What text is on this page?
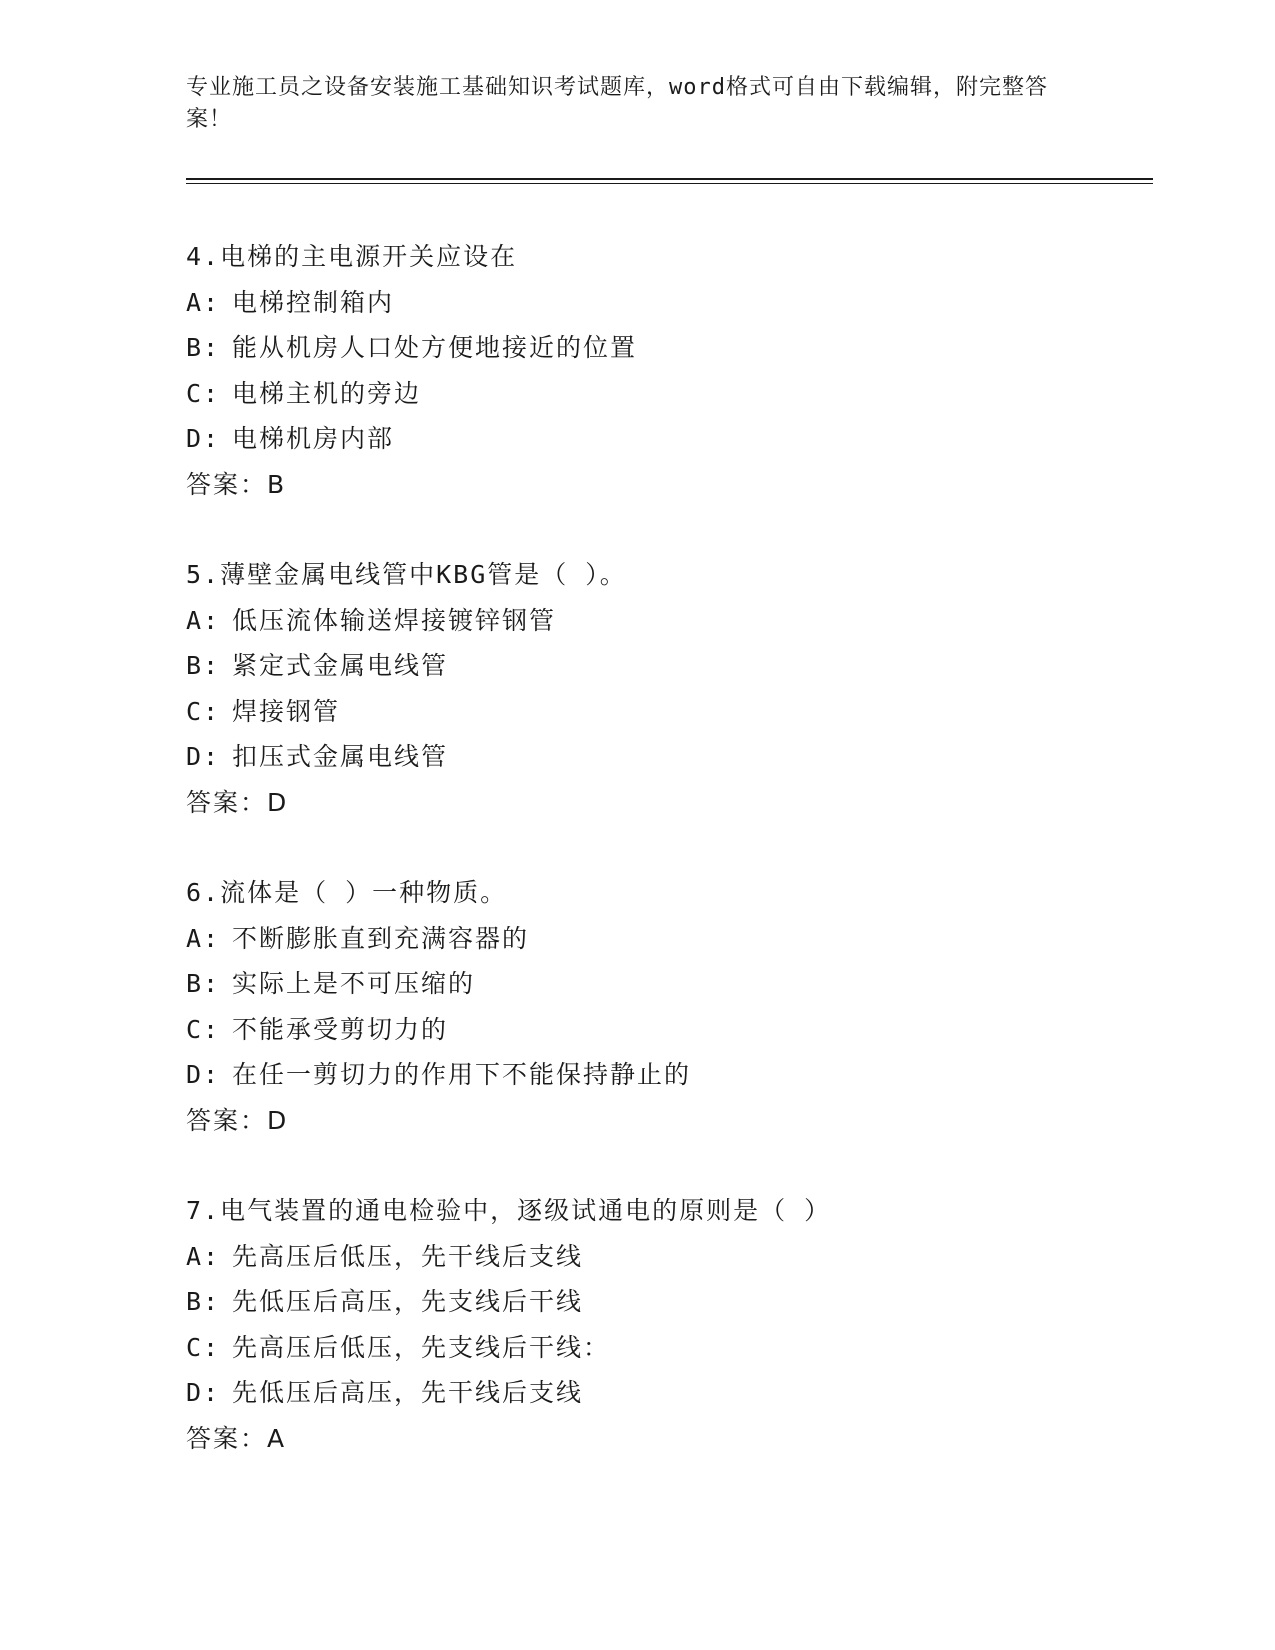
专业施工员之设备安装施工基础知识考试题库，word格式可自由下载编辑，附完整答案！
4.电梯的主电源开关应设在
A: 电梯控制箱内
B: 能从机房人口处方便地接近的位置
C: 电梯主机的旁边
D: 电梯机房内部
答案：B
5.薄壁金属电线管中KBG管是（ ）。
A: 低压流体输送焊接镀锌钢管
B: 紧定式金属电线管
C: 焊接钢管
D: 扣压式金属电线管
答案：D
6.流体是（ ）一种物质。
A: 不断膨胀直到充满容器的
B: 实际上是不可压缩的
C: 不能承受剪切力的
D: 在任一剪切力的作用下不能保持静止的
答案：D
7.电气装置的通电检验中，逐级试通电的原则是（ ）
A: 先高压后低压，先干线后支线
B: 先低压后高压，先支线后干线
C: 先高压后低压，先支线后干线：
D: 先低压后高压，先干线后支线
答案：A
